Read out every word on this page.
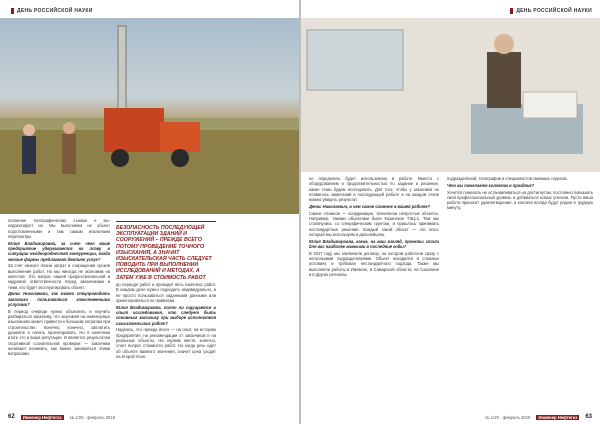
ДЕНЬ РОССИЙСКОЙ НАУКИ

полнение топографических съемок и вы- корректирует их. Мы выполняем их объект подготовленными и там самым исключаем пересмотры.

Юлия Владимировна, за счет чего ваше предприятие удерживается на плаву в ситуации неоднородностей конкуренции, когда многие фирмы предлагают демпинг услуг?

За счет низкого плана затрат и сокращения сроков выполнения работ. Но мы никогда не экономим на качестве. Это вопрос нашей профессиональной и кадровой ответственности перед заказчиками и теми, кто будет эксплуатировать объект.

Денис Николаевич, как можно спецпроводить заказчика пользоваться качественными услугами?

В период очереди нужно объяснить и научить разбираться заказчику, что экономия на инженерных изысканиях может привести к большим затратам при строительстве. Конечно, конечно, заплатить дешевле и начать проектировать. Но в конечном итоге это и ваша репутация. И является результатом спортивной сознательной проверки — заказчики начинают понимать, как важно заниматься этими вопросами.

БЕЗОПАСНОСТЬ ПОСЛЕДУЮЩЕЙ ЭКСПЛУАТАЦИИ ЗДАНИЙ И СООРУЖЕНИЙ – ПРЕЖДЕ ВСЕГО ПОТОМУ ПРОВЕДЕНИЕ ТОЧНОГО ИЗЫСКАНИЯ, А ЗНАЧИТ ИЗЫСКАТЕЛЬСКАЯ ЧАСТЬ СЛЕДУЕТ ПОВОДИТЬ ПРИ ВЫПОЛНЕНИИ ИССЛЕДОВАНИЙ И МЕТОДАХ, А ЗАТЕМ УЖЕ В СТОИМОСТЬ РАБОТ

до периоде работ и проводит весь комплекс работ. В каждом деле нужно подходить индивидуально, а не просто пользоваться заданными данными или ориентироваться по правилам.

Юлия Владимировна, полно ли ощущается и опыт исследования, что следует быть основным заказчику при выборе исполнителя изыскательских работ?

Надеюсь, что прежде всего — на опыт, на историю предприятия, на рекомендации от заказчиков и на реальные объекты. На первом месте, конечно, стоит вопрос стоимости работ. Но когда речь идет об объекте важного значения, значит цена уходит на второй план.

62	Инженер Нефтегаз	№ 1/20 · февраль 2019
ДЕНЬ РОССИЙСКОЙ НАУКИ

не определить будет использовано в работе. Вместо с оборудованием и продолжительностью по задание и решение, какие темы будем исследовать. Для того, чтобы у заказчика не появилось замечаний в последующей работе и на каждом этапе можно увидеть результат.

Денис Николаевич, в чем самое сложное в вашей работе?

Самое сложное — координация, технически непростые объекты. Например, такими объектами были Казанское ТЭЦ-1. Там мы столкнулись со специфическим грунтом, и пришлось принимать нестандартные решения. Каждый такой объект — это опыт, который мы используем в дальнейшем.

Юлия Владимировна, какие, на ваш взгляд, проекты стали для вас наиболее важными в последние годы?

В 2017 году мы заключили договор, на котором работали сразу с несколькими подразделениями. Объект находился в сложных условиях и требовал нестандартного подхода. Также мы выполняли работы в Ижевске, в Самарской области, на Сахалине и в других регионах.

подразделений, топографов и специалистов смежных отделов.

Что вы пожелаете коллегам в праздник?

Хочется пожелать не останавливаться на достигнутом, постоянно повышать свой профессиональный уровень и добиваться новых успехов. Пусть ваша работа приносит удовлетворение, а коллеги всегда будут рядом в трудную минуту.

№ 1/20 · февраль 2019	Инженер Нефтегаз	63
